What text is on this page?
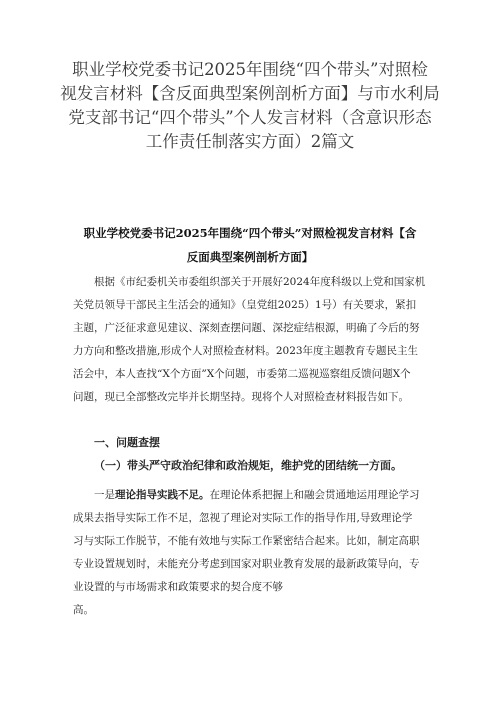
职业学校党委书记2025年围绕“四个带头”对照检
视发言材料【含反面典型案例剖析方面】与市水利局
党支部书记“四个带头”个人发言材料（含意识形态
工作责任制落实方面）2篇文
职业学校党委书记2025年围绕“四个带头”对照检视发言材料【含
反面典型案例剖析方面】
根据《市纪委机关市委组织部关于开展好2024年度科级以上党和国家机
关党员领导干部民主生活会的通知》（皇党组2025）1号）有关要求，紧扣
主题，广泛征求意见建议、深刻查摆问题、深挖症结根源，明确了今后的努
力方向和整改措施,形成个人对照检查材料。2023年度主题教育专题民主生
活会中，本人查找“X个方面”X个问题，市委第二巡视巡察组反馈问题X个
问题，现已全部整改完毕并长期坚持。现将个人对照检查材料报告如下。
一、问题查摆
（一）带头严守政治纪律和政治规矩，维护党的团结统一方面。
一是理论指导实践不足。在理论体系把握上和融会贯通地运用理论学习
成果去指导实际工作不足，忽视了理论对实际工作的指导作用,导致理论学
习与实际工作脱节，不能有效地与实际工作紧密结合起来。比如，制定高职
专业设置规划时，未能充分考虑到国家对职业教育发展的最新政策导向，专
业设置的与市场需求和政策要求的契合度不够
高。
